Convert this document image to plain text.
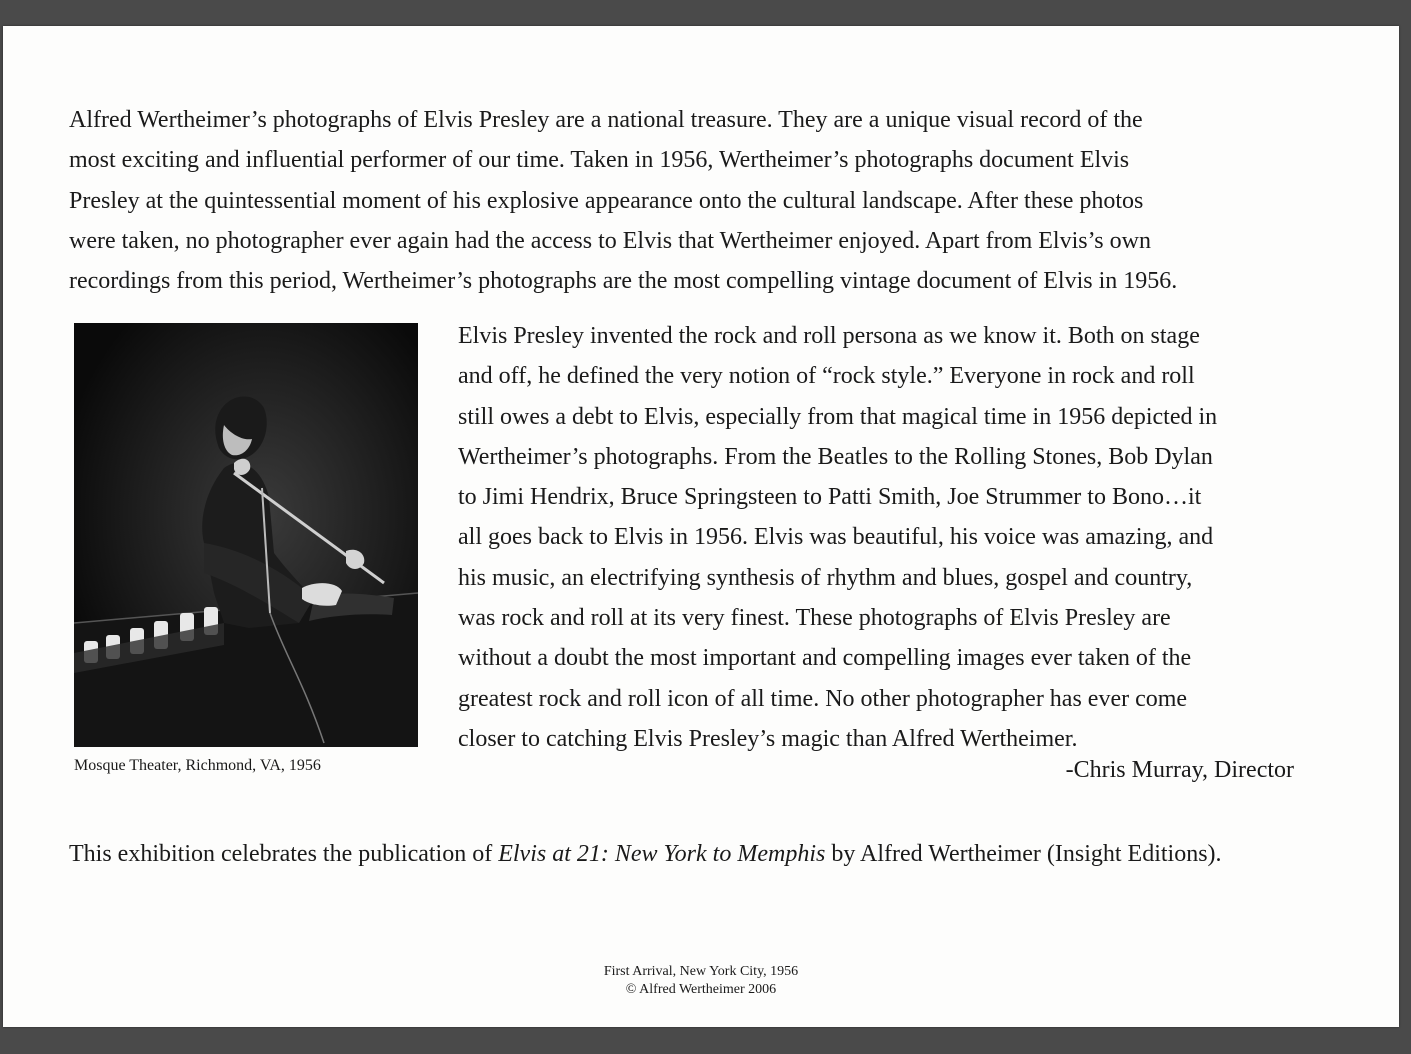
Alfred Wertheimer’s photographs of Elvis Presley are a national treasure. They are a unique visual record of the
most exciting and influential performer of our time. Taken in 1956, Wertheimer’s photographs document Elvis
Presley at the quintessential moment of his explosive appearance onto the cultural landscape. After these photos
were taken, no photographer ever again had the access to Elvis that Wertheimer enjoyed. Apart from Elvis’s own
recordings from this period, Wertheimer’s photographs are the most compelling vintage document of Elvis in 1956.

Mosque Theater, Richmond, VA, 1956

Elvis Presley invented the rock and roll persona as we know it. Both on stage
and off, he defined the very notion of “rock style.” Everyone in rock and roll
still owes a debt to Elvis, especially from that magical time in 1956 depicted in
Wertheimer’s photographs. From the Beatles to the Rolling Stones, Bob Dylan
to Jimi Hendrix, Bruce Springsteen to Patti Smith, Joe Strummer to Bono…it
all goes back to Elvis in 1956. Elvis was beautiful, his voice was amazing, and
his music, an electrifying synthesis of rhythm and blues, gospel and country,
was rock and roll at its very finest. These photographs of Elvis Presley are
without a doubt the most important and compelling images ever taken of the
greatest rock and roll icon of all time. No other photographer has ever come
closer to catching Elvis Presley’s magic than Alfred Wertheimer.

-Chris Murray, Director
This exhibition celebrates the publication of Elvis at 21: New York to Memphis by Alfred Wertheimer (Insight Editions).
First Arrival, New York City, 1956
© Alfred Wertheimer 2006
